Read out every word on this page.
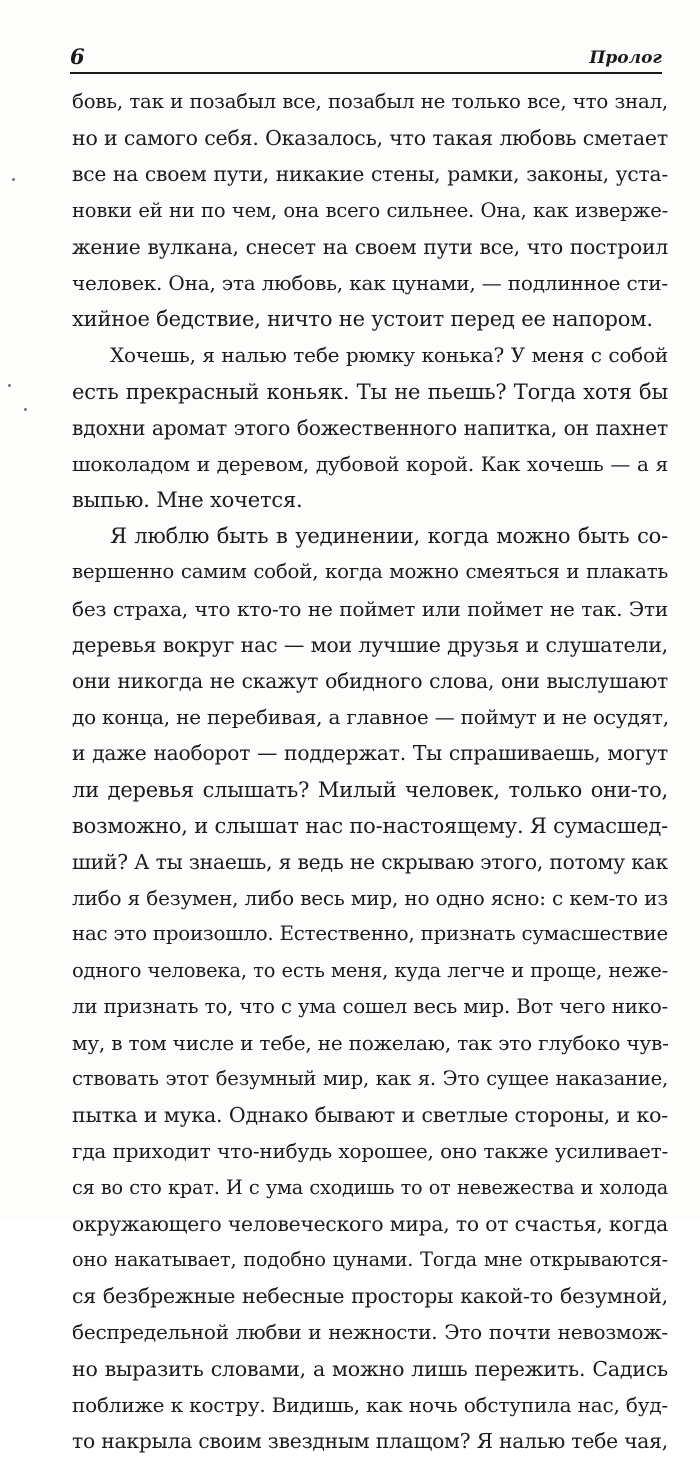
6	Пролог
бовь, так и позабыл все, позабыл не только все, что знал,
но и самого себя. Оказалось, что такая любовь сметает
все на своем пути, никакие стены, рамки, законы, уста-
новки ей ни по чем, она всего сильнее. Она, как изверже-
жение вулкана, снесет на своем пути все, что построил
человек. Она, эта любовь, как цунами, — подлинное сти-
хийное бедствие, ничто не устоит перед ее напором.
Хочешь, я налью тебе рюмку конька? У меня с собой
есть прекрасный коньяк. Ты не пьешь? Тогда хотя бы
вдохни аромат этого божественного напитка, он пахнет
шоколадом и деревом, дубовой корой. Как хочешь — а я
выпью. Мне хочется.
Я люблю быть в уединении, когда можно быть со-
вершенно самим собой, когда можно смеяться и плакать
без страха, что кто-то не поймет или поймет не так. Эти
деревья вокруг нас — мои лучшие друзья и слушатели,
они никогда не скажут обидного слова, они выслушают
до конца, не перебивая, а главное — поймут и не осудят,
и даже наоборот — поддержат. Ты спрашиваешь, могут
ли деревья слышать? Милый человек, только они-то,
возможно, и слышат нас по-настоящему. Я сумасшед-
ший? А ты знаешь, я ведь не скрываю этого, потому как
либо я безумен, либо весь мир, но одно ясно: с кем-то из
нас это произошло. Естественно, признать сумасшествие
одного человека, то есть меня, куда легче и проще, неже-
ли признать то, что с ума сошел весь мир. Вот чего нико-
му, в том числе и тебе, не пожелаю, так это глубоко чув-
ствовать этот безумный мир, как я. Это сущее наказание,
пытка и мука. Однако бывают и светлые стороны, и ко-
гда приходит что-нибудь хорошее, оно также усиливает-
ся во сто крат. И с ума сходишь то от невежества и холода
окружающего человеческого мира, то от счастья, когда
оно накатывает, подобно цунами. Тогда мне открываются-
ся безбрежные небесные просторы какой-то безумной,
беспредельной любви и нежности. Это почти невозмож-
но выразить словами, а можно лишь пережить. Садись
поближе к костру. Видишь, как ночь обступила нас, буд-
то накрыла своим звездным плащом? Я налью тебе чая,
